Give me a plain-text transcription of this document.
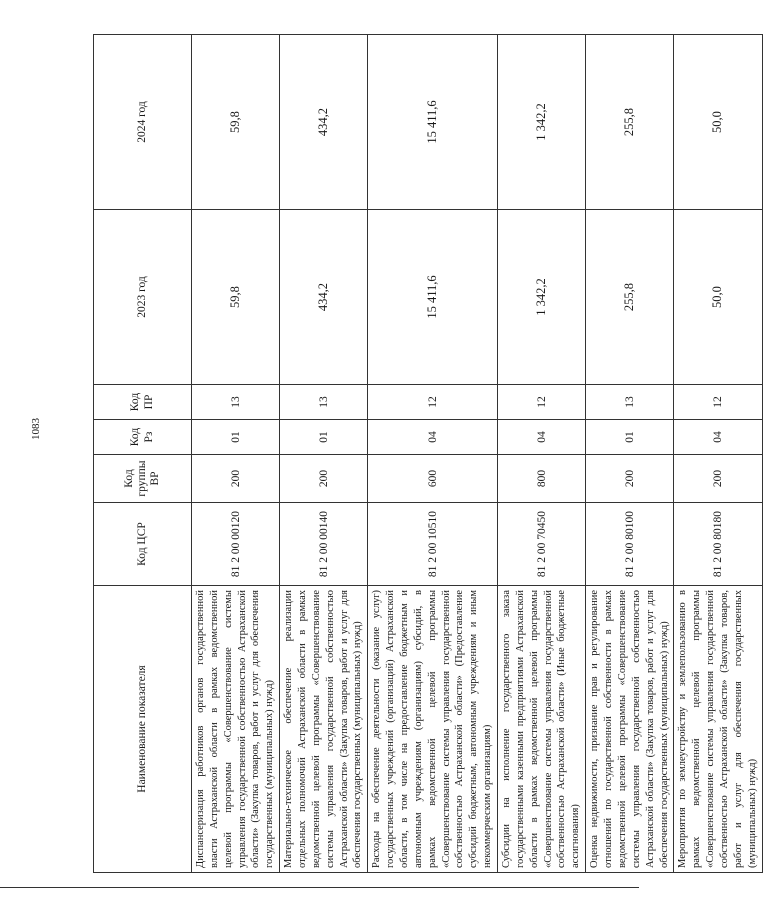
1083
Наименование показателя	Код ЦСР	Код группы ВР	Код Рз	Код ПР	2023 год	2024 год
Диспансеризация работников органов государственной власти Астраханской области в рамках ведомственной целевой программы «Совершенствование системы управления государственной собственностью Астраханской области» (Закупка товаров, работ и услуг для обеспечения государственных (муниципальных) нужд)	81 2 00 00120	200	01	13	59,8	59,8
Материально-техническое обеспечение реализации отдельных полномочий Астраханской области в рамках ведомственной целевой программы «Совершенствование системы управления государственной собственностью Астраханской области» (Закупка товаров, работ и услуг для обеспечения государственных (муниципальных) нужд)	81 2 00 00140	200	01	13	434,2	434,2
Расходы на обеспечение деятельности (оказание услуг) государственных учреждений (организаций) Астраханской области, в том числе на предоставление бюджетным и автономным учреждениям (организациям) субсидий, в рамках ведомственной целевой программы «Совершенствование системы управления государственной собственностью Астраханской области» (Предоставление субсидий бюджетным, автономным учреждениям и иным некоммерческим организациям)	81 2 00 10510	600	04	12	15 411,6	15 411,6
Субсидии на исполнение государственного заказа государственными казенными предприятиями Астраханской области в рамках ведомственной целевой программы «Совершенствование системы управления государственной собственностью Астраханской области» (Иные бюджетные ассигнования)	81 2 00 70450	800	04	12	1 342,2	1 342,2
Оценка недвижимости, признание прав и регулирование отношений по государственной собственности в рамках ведомственной целевой программы «Совершенствование системы управления государственной собственностью Астраханской области» (Закупка товаров, работ и услуг для обеспечения государственных (муниципальных) нужд)	81 2 00 80100	200	01	13	255,8	255,8
Мероприятия по землеустройству и землепользованию в рамках ведомственной целевой программы «Совершенствование системы управления государственной собственностью Астраханской области» (Закупка товаров, работ и услуг для обеспечения государственных (муниципальных) нужд)	81 2 00 80180	200	04	12	50,0	50,0
